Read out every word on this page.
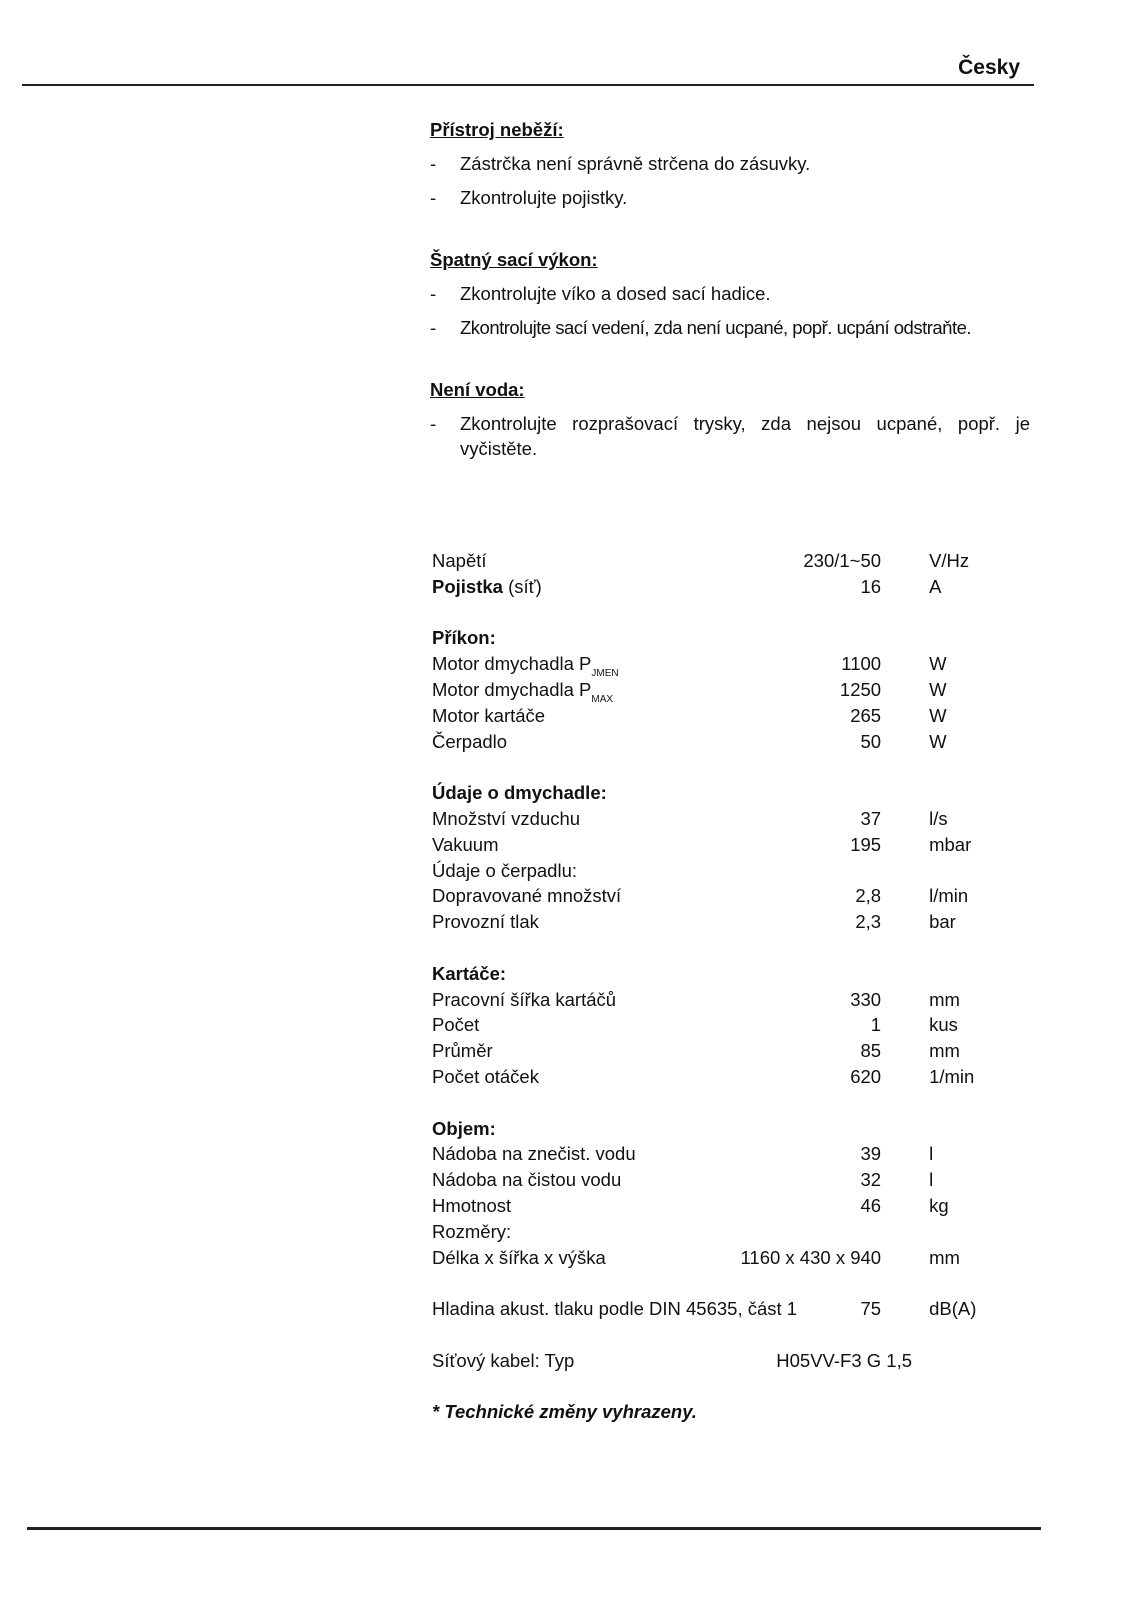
Česky
Přístroj neběží:
-	Zástrčka není správně strčena do zásuvky.
-	Zkontrolujte pojistky.
Špatný sací výkon:
-	Zkontrolujte víko a dosed sací hadice.
-	Zkontrolujte sací vedení, zda není ucpané, popř. ucpání odstraňte.
Není voda:
-	Zkontrolujte rozprašovací trysky, zda nejsou ucpané, popř. je vyčistěte.
Napětí	230/1~50	V/Hz
Pojistka (síť)	16	A
Příkon:
Motor dmychadla $P_{JMEN}$	1100	W
Motor dmychadla $P_{MAX}$	1250	W
Motor kartáče	265	W
Čerpadlo	50	W
Údaje o dmychadle:
Množství vzduchu	37	l/s
Vakuum	195	mbar
Údaje o čerpadlu:
Dopravované množství	2,8	l/min
Provozní tlak	2,3	bar
Kartáče:
Pracovní šířka kartáčů	330	mm
Počet	1	kus
Průměr	85	mm
Počet otáček	620	1/min
Objem:
Nádoba na znečist. vodu	39	l
Nádoba na čistou vodu	32	l
Hmotnost	46	kg
Rozměry:
Délka x šířka x výška	1160 x 430 x 940	mm
Hladina akust. tlaku podle DIN 45635, část 1	75	dB(A)
Síťový kabel: Typ	H05VV-F3 G 1,5
* Technické změny vyhrazeny.
